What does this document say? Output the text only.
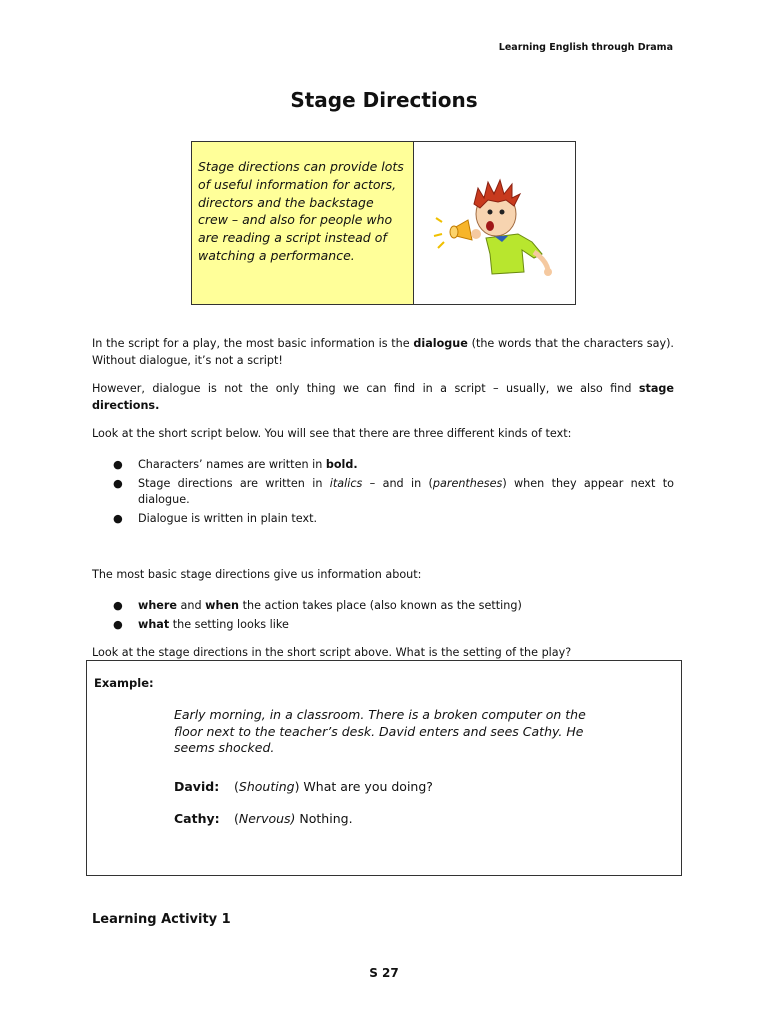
Learning English through Drama
Stage Directions
Stage directions can provide lots of useful information for actors, directors and the backstage crew – and also for people who are reading a script instead of watching a performance.

In the script for a play, the most basic information is the dialogue (the words that the characters say). Without dialogue, it’s not a script!

However, dialogue is not the only thing we can find in a script – usually, we also find stage directions.

Look at the short script below. You will see that there are three different kinds of text:

● Characters’ names are written in bold.
● Stage directions are written in italics – and in (parentheses) when they appear next to dialogue.
● Dialogue is written in plain text.

The most basic stage directions give us information about:

● where and when the action takes place (also known as the setting)
● what the setting looks like

Look at the stage directions in the short script above. What is the setting of the play?

Example:
Early morning, in a classroom. There is a broken computer on the floor next to the teacher’s desk. David enters and sees Cathy. He seems shocked.
David: (Shouting) What are you doing?
Cathy: (Nervous) Nothing.
Learning Activity 1
S 27
